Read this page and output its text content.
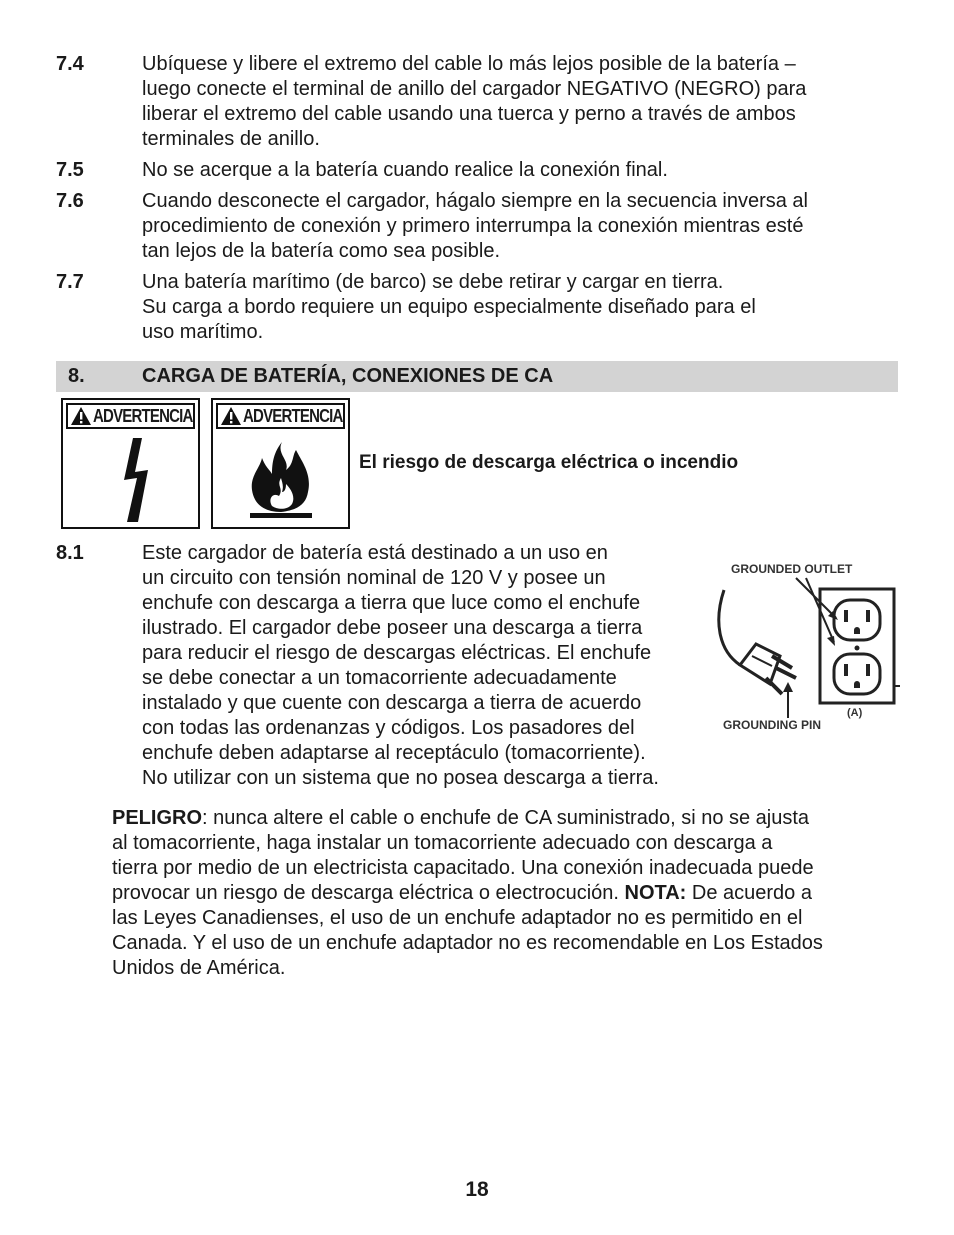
7.4	Ubíquese y libere el extremo del cable lo más lejos posible de la batería –
luego conecte el terminal de anillo del cargador NEGATIVO (NEGRO) para
liberar el extremo del cable usando una tuerca y perno a través de ambos
terminales de anillo.
7.5	No se acerque a la batería cuando realice la conexión final.
7.6	Cuando desconecte el cargador, hágalo siempre en la secuencia inversa al
procedimiento de conexión y primero interrumpa la conexión mientras esté
tan lejos de la batería como sea posible.
7.7	Una batería marítimo (de barco) se debe retirar y cargar en tierra.
Su carga a bordo requiere un equipo especialmente diseñado para el
uso marítimo.
8.	CARGA DE BATERÍA, CONEXIONES DE CA
ADVERTENCIA	ADVERTENCIA
El riesgo de descarga eléctrica o incendio
8.1	Este cargador de batería está destinado a un uso en
un circuito con tensión nominal de 120 V y posee un
enchufe con descarga a tierra que luce como el enchufe
ilustrado. El cargador debe poseer una descarga a tierra
para reducir el riesgo de descargas eléctricas. El enchufe
se debe conectar a un tomacorriente adecuadamente
instalado y que cuente con descarga a tierra de acuerdo
con todas las ordenanzas y códigos. Los pasadores del
enchufe deben adaptarse al receptáculo (tomacorriente).
No utilizar con un sistema que no posea descarga a tierra.
GROUNDED OUTLET
GROUNDING PIN
(A)
PELIGRO: nunca altere el cable o enchufe de CA suministrado, si no se ajusta
al tomacorriente, haga instalar un tomacorriente adecuado con descarga a
tierra por medio de un electricista capacitado. Una conexión inadecuada puede
provocar un riesgo de descarga eléctrica o electrocución. NOTA: De acuerdo a
las Leyes Canadienses, el uso de un enchufe adaptador no es permitido en el
Canada. Y el uso de un enchufe adaptador no es recomendable en Los Estados
Unidos de América.
18
